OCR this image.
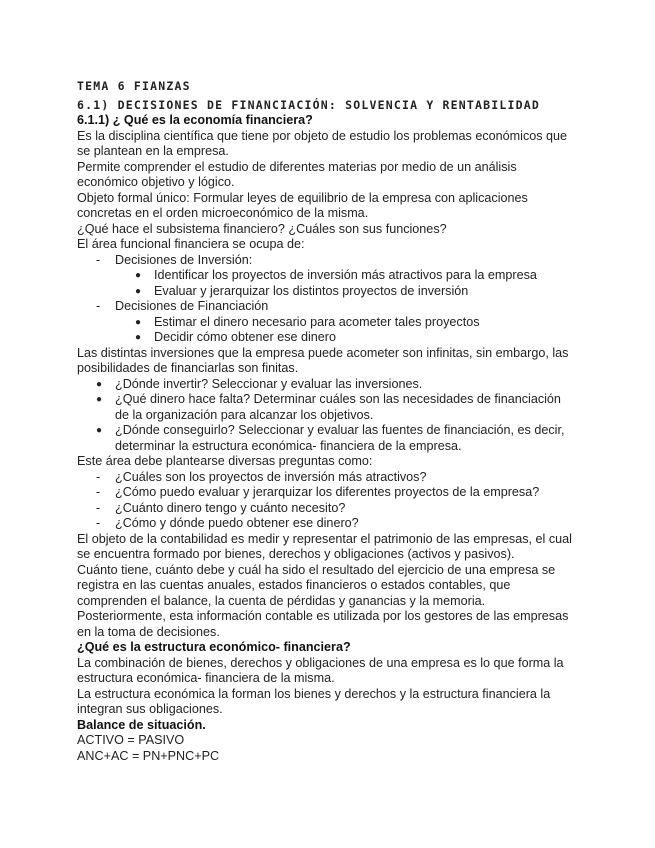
TEMA 6 FIANZAS
6.1) DECISIONES DE FINANCIACIÓN: SOLVENCIA Y RENTABILIDAD

6.1.1) ¿ Qué es la economía financiera?

Es la disciplina científica que tiene por objeto de estudio los problemas económicos que se plantean en la empresa.

Permite comprender el estudio de diferentes materias por medio de un análisis económico objetivo y lógico.

Objeto formal único: Formular leyes de equilibrio de la empresa con aplicaciones concretas en el orden microeconómico de la misma.

¿Qué hace el subsistema financiero? ¿Cuáles son sus funciones?

El área funcional financiera se ocupa de:

- Decisiones de Inversión:
● Identificar los proyectos de inversión más atractivos para la empresa
● Evaluar y jerarquizar los distintos proyectos de inversión
- Decisiones de Financiación
● Estimar el dinero necesario para acometer tales proyectos
● Decidir cómo obtener ese dinero

Las distintas inversiones que la empresa puede acometer son infinitas, sin embargo, las posibilidades de financiarlas son finitas.

● ¿Dónde invertir? Seleccionar y evaluar las inversiones.
● ¿Qué dinero hace falta? Determinar cuáles son las necesidades de financiación de la organización para alcanzar los objetivos.
● ¿Dónde conseguirlo? Seleccionar y evaluar las fuentes de financiación, es decir, determinar la estructura económica- financiera de la empresa.

Este área debe plantearse diversas preguntas como:

- ¿Cuáles son los proyectos de inversión más atractivos?
- ¿Cómo puedo evaluar y jerarquizar los diferentes proyectos de la empresa?
- ¿Cuánto dinero tengo y cuánto necesito?
- ¿Cómo y dónde puedo obtener ese dinero?

El objeto de la contabilidad es medir y representar el patrimonio de las empresas, el cual se encuentra formado por bienes, derechos y obligaciones (activos y pasivos).

Cuánto tiene, cuánto debe y cuál ha sido el resultado del ejercicio de una empresa se registra en las cuentas anuales, estados financieros o estados contables, que comprenden el balance, la cuenta de pérdidas y ganancias y la memoria.

Posteriormente, esta información contable es utilizada por los gestores de las empresas en la toma de decisiones.

¿Qué es la estructura económico- financiera?

La combinación de bienes, derechos y obligaciones de una empresa es lo que forma la estructura económica- financiera de la misma.

La estructura económica la forman los bienes y derechos y la estructura financiera la integran sus obligaciones.

Balance de situación.

ACTIVO = PASIVO

ANC+AC = PN+PNC+PC
